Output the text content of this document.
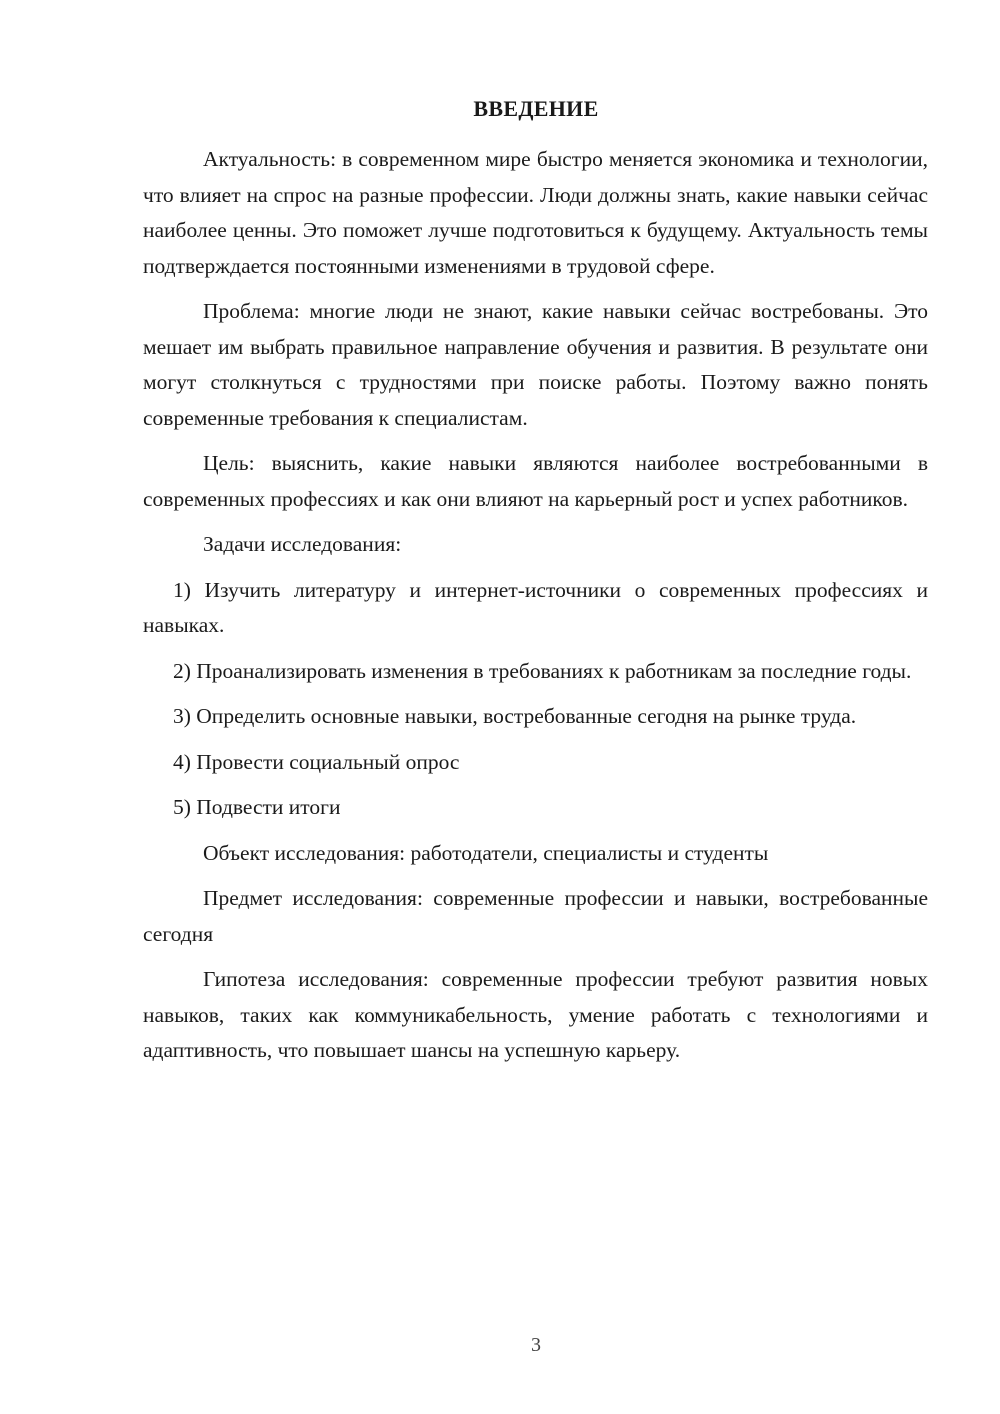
ВВЕДЕНИЕ

Актуальность: в современном мире быстро меняется экономика и технологии, что влияет на спрос на разные профессии. Люди должны знать, какие навыки сейчас наиболее ценны. Это поможет лучше подготовиться к будущему. Актуальность темы подтверждается постоянными изменениями в трудовой сфере.

Проблема: многие люди не знают, какие навыки сейчас востребованы. Это мешает им выбрать правильное направление обучения и развития. В результате они могут столкнуться с трудностями при поиске работы. Поэтому важно понять современные требования к специалистам.

Цель: выяснить, какие навыки являются наиболее востребованными в современных профессиях и как они влияют на карьерный рост и успех работников.

Задачи исследования:

1) Изучить литературу и интернет-источники о современных профессиях и навыках.

2) Проанализировать изменения в требованиях к работникам за последние годы.

3) Определить основные навыки, востребованные сегодня на рынке труда.

4) Провести социальный опрос

5) Подвести итоги

Объект исследования: работодатели, специалисты и студенты

Предмет исследования: современные профессии и навыки, востребованные сегодня

Гипотеза исследования: современные профессии требуют развития новых навыков, таких как коммуникабельность, умение работать с технологиями и адаптивность, что повышает шансы на успешную карьеру.

3
